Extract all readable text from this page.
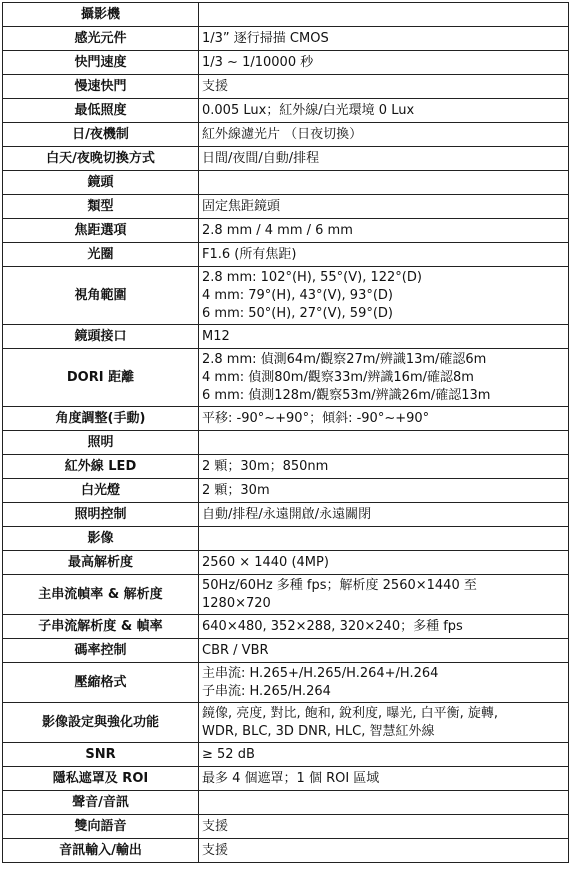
攝影機	
感光元件	1/3” 逐行掃描 CMOS

快門速度	1/3 ~ 1/10000 秒

慢速快門	支援

最低照度	0.005 Lux；紅外線/白光環境 0 Lux

日/夜機制	紅外線濾光片 （日夜切換）

白天/夜晚切換方式	日間/夜間/自動/排程

鏡頭	
類型	固定焦距鏡頭

焦距選項	2.8 mm / 4 mm / 6 mm

光圈	F1.6 (所有焦距)

視角範圍	2.8 mm: 102°(H), 55°(V), 122°(D)
4 mm: 79°(H), 43°(V), 93°(D)
6 mm: 50°(H), 27°(V), 59°(D)

鏡頭接口	M12

DORI 距離	2.8 mm: 偵測64m/觀察27m/辨識13m/確認6m
4 mm: 偵測80m/觀察33m/辨識16m/確認8m
6 mm: 偵測128m/觀察53m/辨識26m/確認13m

角度調整(手動)	平移: -90°~+90°；傾斜: -90°~+90°

照明	
紅外線 LED	2 顆；30m；850nm

白光燈	2 顆；30m

照明控制	自動/排程/永遠開啟/永遠關閉

影像	
最高解析度	2560 × 1440 (4MP)

主串流幀率 & 解析度	50Hz/60Hz 多種 fps；解析度 2560×1440 至
1280×720

子串流解析度 & 幀率	640×480, 352×288, 320×240；多種 fps

碼率控制	CBR / VBR

壓縮格式	主串流: H.265+/H.265/H.264+/H.264
子串流: H.265/H.264

影像設定與強化功能	鏡像, 亮度, 對比, 飽和, 銳利度, 曝光, 白平衡, 旋轉,
WDR, BLC, 3D DNR, HLC, 智慧紅外線

SNR	≥ 52 dB

隱私遮罩及 ROI	最多 4 個遮罩；1 個 ROI 區域

聲音/音訊	
雙向語音	支援

音訊輸入/輸出	支援
